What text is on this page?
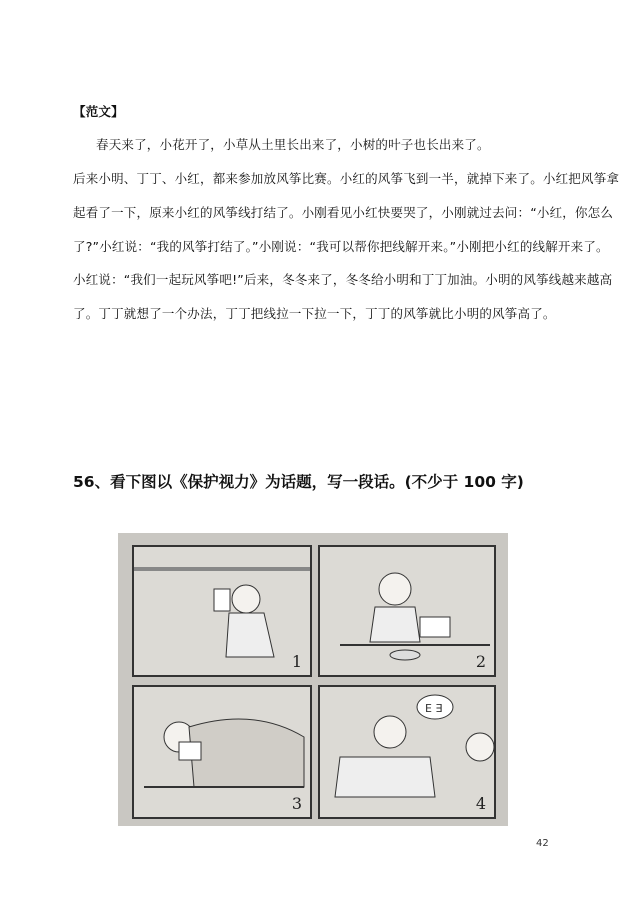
【范文】
春天来了，小花开了，小草从土里长出来了，小树的叶子也长出来了。
后来小明、丁丁、小红，都来参加放风筝比赛。小红的风筝飞到一半，就掉下来了。小红把风筝拿
起看了一下，原来小红的风筝线打结了。小刚看见小红快要哭了，小刚就过去问：“小红，你怎么
了?”小红说：“我的风筝打结了。”小刚说：“我可以帮你把线解开来。”小刚把小红的线解开来了。
小红说：“我们一起玩风筝吧!”后来，冬冬来了，冬冬给小明和丁丁加油。小明的风筝线越来越高
了。丁丁就想了一个办法，丁丁把线拉一下拉一下，丁丁的风筝就比小明的风筝高了。
56、看下图以《保护视力》为话题，写一段话。(不少于 100 字)
1	2
3
E ∃
4
42
